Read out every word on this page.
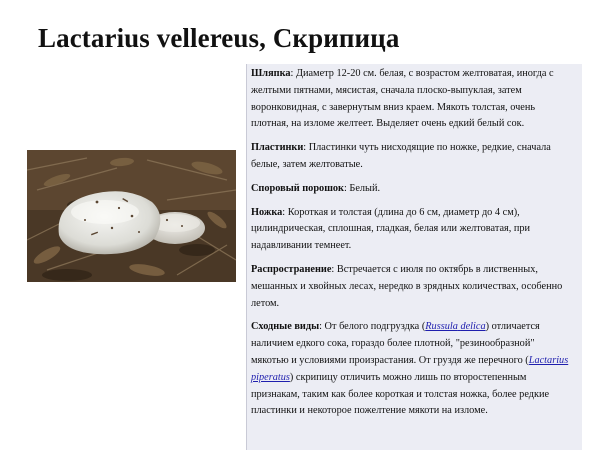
Lactarius vellereus, Скрипица

Шляпка: Диаметр 12-20 см. белая, с возрастом желтоватая, иногда с желтыми пятнами, мясистая, сначала плоско-выпуклая, затем воронковидная, с завернутым вниз краем. Мякоть толстая, очень плотная, на изломе желтеет. Выделяет очень едкий белый сок.

Пластинки: Пластинки чуть нисходящие по ножке, редкие, сначала белые, затем желтоватые.

Споровый порошок: Белый.

Ножка: Короткая и толстая (длина до 6 см, диаметр до 4 см), цилиндрическая, сплошная, гладкая, белая или желтоватая, при надавливании темнеет.

Распространение: Встречается с июля по октябрь в лиственных, мешанных и хвойных лесах, нередко в зрядных количествах, особенно летом.

Сходные виды: От белого подгруздка (Russula delica) отличается наличием едкого сока, гораздо более плотной, "резинообразной" мякотью и условиями произрастания. От груздя же перечного (Lactarius piperatus) скрипицу отличить можно лишь по второстепенным признакам, таким как более короткая и толстая ножка, более редкие пластинки и некоторое пожелтение мякоти на изломе.
